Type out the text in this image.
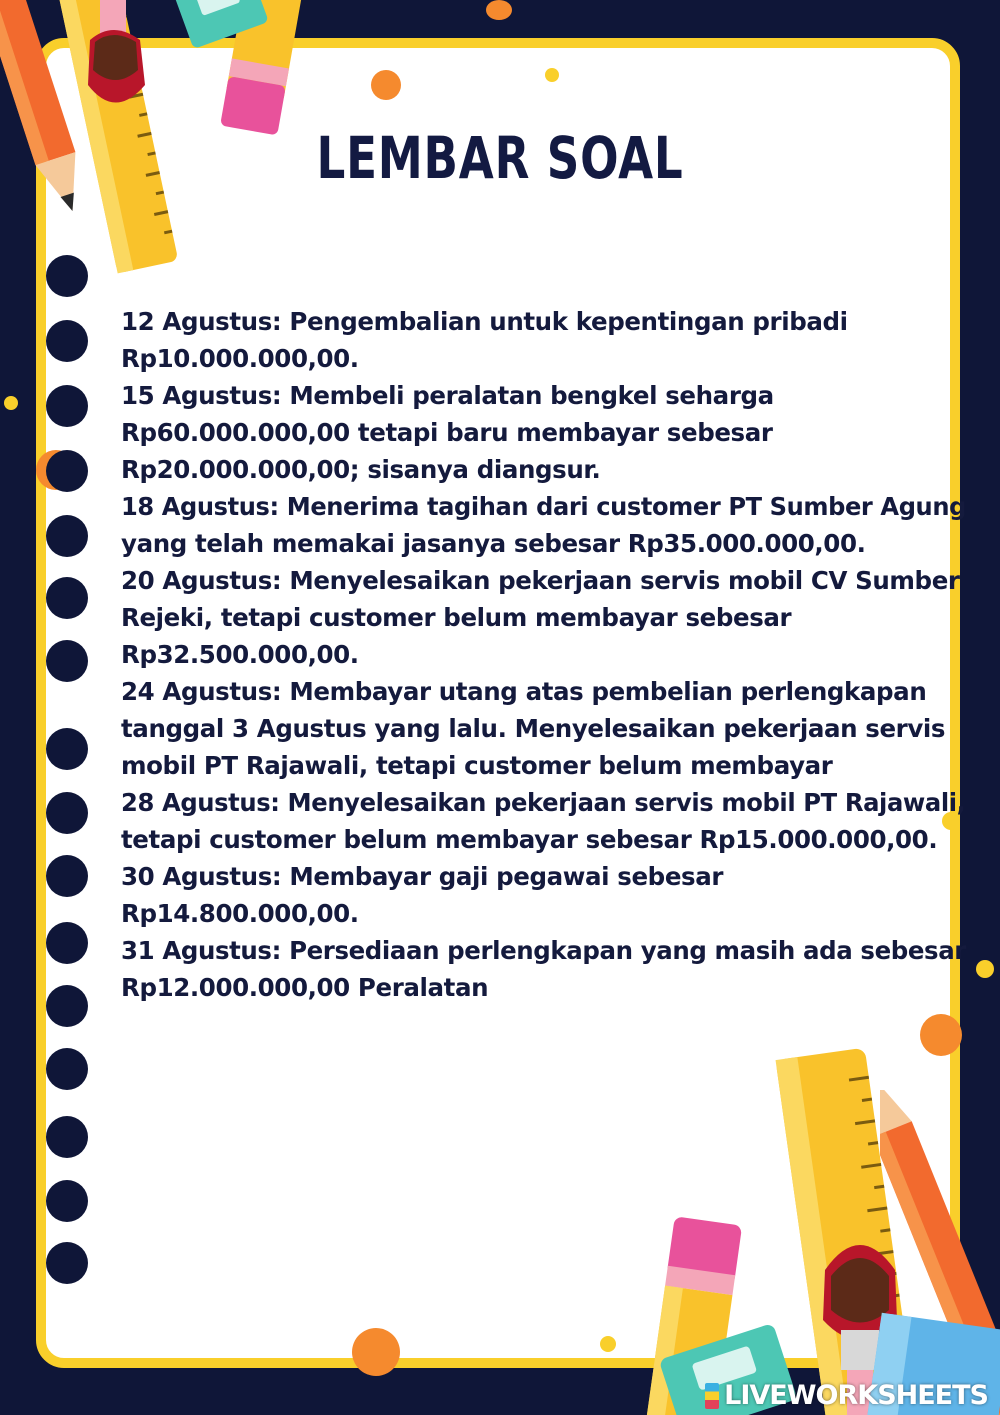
LEMBAR SOAL
12 Agustus: Pengembalian untuk kepentingan pribadi
Rp10.000.000,00.
15 Agustus: Membeli peralatan bengkel seharga
Rp60.000.000,00 tetapi baru membayar sebesar
Rp20.000.000,00; sisanya diangsur.
18 Agustus: Menerima tagihan dari customer PT Sumber Agung
yang telah memakai jasanya sebesar Rp35.000.000,00.
20 Agustus: Menyelesaikan pekerjaan servis mobil CV Sumber
Rejeki, tetapi customer belum membayar sebesar
Rp32.500.000,00.
24 Agustus: Membayar utang atas pembelian perlengkapan
tanggal 3 Agustus yang lalu. Menyelesaikan pekerjaan servis
mobil PT Rajawali, tetapi customer belum membayar
28 Agustus: Menyelesaikan pekerjaan servis mobil PT Rajawali,
tetapi customer belum membayar sebesar Rp15.000.000,00.
30 Agustus: Membayar gaji pegawai sebesar
Rp14.800.000,00.
31 Agustus: Persediaan perlengkapan yang masih ada sebesar
Rp12.000.000,00 Peralatan
LIVEWORKSHEETS
